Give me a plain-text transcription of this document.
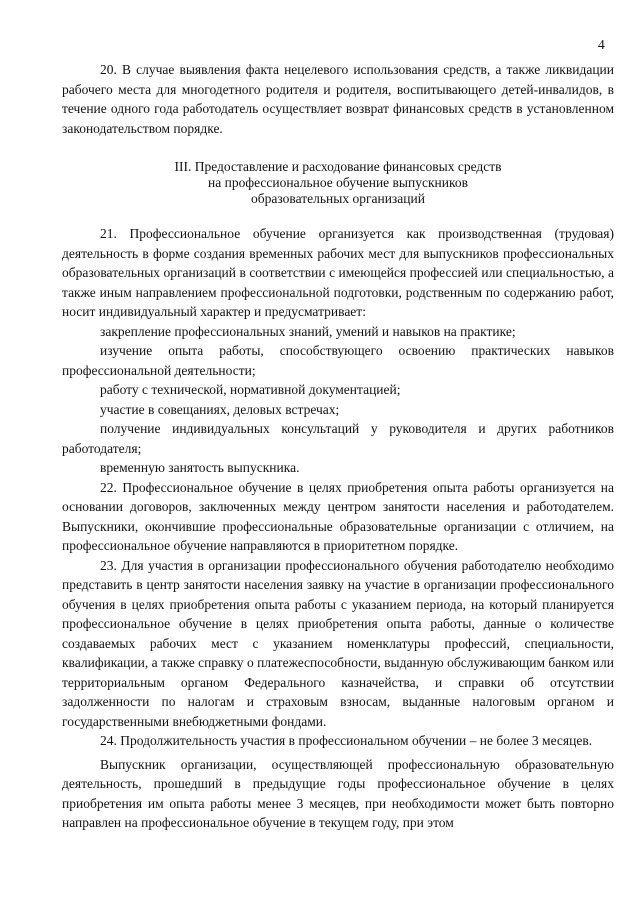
4

20. В случае выявления факта нецелевого использования средств, а также ликвидации рабочего места для многодетного родителя и родителя, воспитывающего детей-инвалидов, в течение одного года работодатель осуществляет возврат финансовых средств в установленном законодательством порядке.

III. Предоставление и расходование финансовых средств
на профессиональное обучение выпускников
образовательных организаций

21. Профессиональное обучение организуется как производственная (трудовая) деятельность в форме создания временных рабочих мест для выпускников профессиональных образовательных организаций в соответствии с имеющейся профессией или специальностью, а также иным направлением профессиональной подготовки, родственным по содержанию работ, носит индивидуальный характер и предусматривает:

закрепление профессиональных знаний, умений и навыков на практике;

изучение опыта работы, способствующего освоению практических навыков профессиональной деятельности;

работу с технической, нормативной документацией;

участие в совещаниях, деловых встречах;

получение индивидуальных консультаций у руководителя и других работников работодателя;

временную занятость выпускника.

22. Профессиональное обучение в целях приобретения опыта работы организуется на основании договоров, заключенных между центром занятости населения и работодателем. Выпускники, окончившие профессиональные образовательные организации с отличием, на профессиональное обучение направляются в приоритетном порядке.

23. Для участия в организации профессионального обучения работодателю необходимо представить в центр занятости населения заявку на участие в организации профессионального обучения в целях приобретения опыта работы с указанием периода, на который планируется профессиональное обучение в целях приобретения опыта работы, данные о количестве создаваемых рабочих мест с указанием номенклатуры профессий, специальности, квалификации, а также справку о платежеспособности, выданную обслуживающим банком или территориальным органом Федерального казначейства, и справки об отсутствии задолженности по налогам и страховым взносам, выданные налоговым органом и государственными внебюджетными фондами.

24. Продолжительность участия в профессиональном обучении – не более 3 месяцев.

Выпускник организации, осуществляющей профессиональную образовательную деятельность, прошедший в предыдущие годы профессиональное обучение в целях приобретения им опыта работы менее 3 месяцев, при необходимости может быть повторно направлен на профессиональное обучение в текущем году, при этом
